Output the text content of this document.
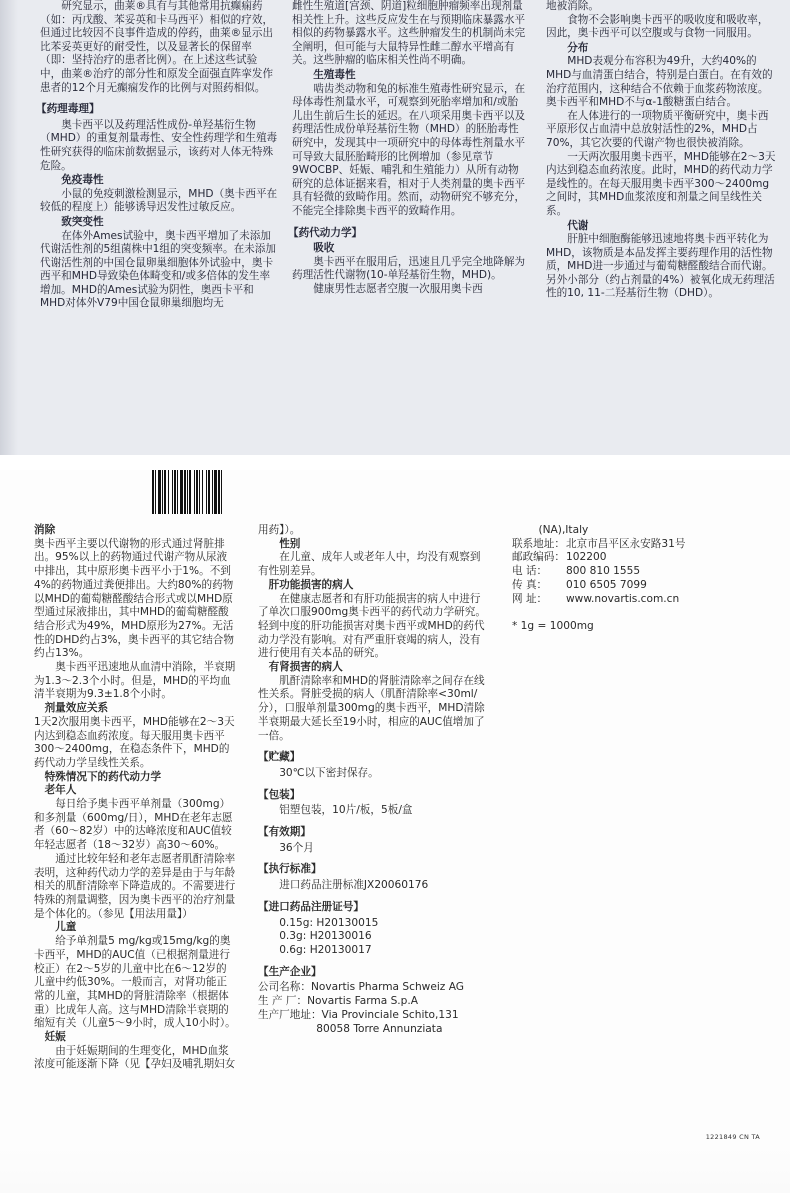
研究显示，曲莱®具有与其他常用抗癫痫药（如：丙戊酸、苯妥英和卡马西平）相似的疗效，但通过比较因不良事件造成的停药，曲莱®显示出比苯妥英更好的耐受性，以及显著长的保留率（即：坚持治疗的患者比例）。在上述这些试验中，曲莱®治疗的部分性和原发全面强直阵挛发作患者的12个月无癫痫发作的比例与对照药相似。

【药理毒理】

奥卡西平以及药理活性成份-单羟基衍生物（MHD）的重复剂量毒性、安全性药理学和生殖毒性研究获得的临床前数据显示，该药对人体无特殊危险。

免疫毒性

小鼠的免疫刺激检测显示，MHD（奥卡西平在较低的程度上）能够诱导迟发性过敏反应。

致突变性

在体外Ames试验中，奥卡西平增加了未添加代谢活性剂的5组菌株中1组的突变频率。在未添加代谢活性剂的中国仓鼠卵巢细胞体外试验中，奥卡西平和MHD导致染色体畸变和/或多倍体的发生率增加。MHD的Ames试验为阴性，奥西卡平和MHD对体外V79中国仓鼠卵巢细胞均无

雌性生殖道[宫颈、阴道]粒细胞肿瘤频率出现剂量相关性上升。这些反应发生在与预期临床暴露水平相似的药物暴露水平。这些肿瘤发生的机制尚未完全阐明，但可能与大鼠特异性雌二醇水平增高有关。这些肿瘤的临床相关性尚不明确。

生殖毒性

啮齿类动物和兔的标准生殖毒性研究显示，在母体毒性剂量水平，可观察到死胎率增加和/或胎儿出生前后生长的延迟。在八项采用奥卡西平以及药理活性成份单羟基衍生物（MHD）的胚胎毒性研究中，发现其中一项研究中的母体毒性剂量水平可导致大鼠胚胎畸形的比例增加（参见章节9WOCBP、妊娠、哺乳和生殖能力）从所有动物研究的总体证据来看，相对于人类剂量的奥卡西平具有轻微的致畸作用。然而，动物研究不够充分，不能完全排除奥卡西平的致畸作用。

【药代动力学】

吸收

奥卡西平在服用后，迅速且几乎完全地降解为药理活性代谢物(10-单羟基衍生物，MHD)。

健康男性志愿者空腹一次服用奥卡西

地被消除。

食物不会影响奥卡西平的吸收度和吸收率，因此，奥卡西平可以空腹或与食物一同服用。

分布

MHD表观分布容积为49升，大约40%的MHD与血清蛋白结合，特别是白蛋白。在有效的治疗范围内，这种结合不依赖于血浆药物浓度。奥卡西平和MHD不与α-1酸糖蛋白结合。

在人体进行的一项物质平衡研究中，奥卡西平原形仅占血清中总放射活性的2%，MHD占70%，其它次要的代谢产物也很快被消除。

一天两次服用奥卡西平，MHD能够在2～3天内达到稳态血药浓度。此时，MHD的药代动力学是线性的。在每天服用奥卡西平300～2400mg之间时，其MHD血浆浓度和剂量之间呈线性关系。

代谢

肝脏中细胞酶能够迅速地将奥卡西平转化为MHD，该物质是本品发挥主要药理作用的活性物质，MHD进一步通过与葡萄糖醛酸结合而代谢。另外小部分（约占剂量的4%）被氧化成无药理活性的10, 11-二羟基衍生物（DHD）。

消除

奥卡西平主要以代谢物的形式通过肾脏排出。95%以上的药物通过代谢产物从尿液中排出，其中原形奥卡西平小于1%。不到4%的药物通过粪便排出。大约80%的药物以MHD的葡萄糖醛酸结合形式或以MHD原型通过尿液排出，其中MHD的葡萄糖醛酸结合形式为49%，MHD原形为27%。无活性的DHD约占3%，奥卡西平的其它结合物约占13%。

奥卡西平迅速地从血清中消除，半衰期为1.3～2.3个小时。但是，MHD的平均血清半衰期为9.3±1.8个小时。

剂量效应关系

1天2次服用奥卡西平，MHD能够在2～3天内达到稳态血药浓度。每天服用奥卡西平300～2400mg，在稳态条件下，MHD的药代动力学呈线性关系。

特殊情况下的药代动力学

老年人

每日给予奥卡西平单剂量（300mg）和多剂量（600mg/日），MHD在老年志愿者（60～82岁）中的达峰浓度和AUC值较年轻志愿者（18～32岁）高30～60%。

通过比较年轻和老年志愿者肌酐清除率表明，这种药代动力学的差异是由于与年龄相关的肌酐清除率下降造成的。不需要进行特殊的剂量调整，因为奥卡西平的治疗剂量是个体化的。（参见【用法用量】）

儿童

给予单剂量5 mg/kg或15mg/kg的奥卡西平，MHD的AUC值（已根据剂量进行校正）在2～5岁的儿童中比在6～12岁的儿童中约低30%。一般而言，对肾功能正常的儿童，其MHD的肾脏清除率（根据体重）比成年人高。这与MHD清除半衰期的缩短有关（儿童5～9小时，成人10小时）。

妊娠

由于妊娠期间的生理变化，MHD血浆浓度可能逐渐下降（见【孕妇及哺乳期妇女

用药】）。

性别

在儿童、成年人或老年人中，均没有观察到有性别差异。

肝功能损害的病人

在健康志愿者和有肝功能损害的病人中进行了单次口服900mg奥卡西平的药代动力学研究。轻到中度的肝功能损害对奥卡西平或MHD的药代动力学没有影响。对有严重肝衰竭的病人，没有进行使用有关本品的研究。

有肾损害的病人

肌酐清除率和MHD的肾脏清除率之间存在线性关系。肾脏受损的病人（肌酐清除率<30ml/分），口服单剂量300mg的奥卡西平，MHD清除半衰期最大延长至19小时，相应的AUC值增加了一倍。

【贮藏】

30℃以下密封保存。

【包装】

铝塑包装，10片/板，5板/盒

【有效期】

36个月

【执行标准】

进口药品注册标准JX20060176

【进口药品注册证号】

0.15g: H20130015

0.3g: H20130016

0.6g: H20130017

【生产企业】

公司名称：Novartis Pharma Schweiz AG

生 产 厂：Novartis Farma S.p.A

生产厂地址：Via Provinciale Schito,131

80058 Torre Annunziata

(NA),Italy

联系地址： 北京市昌平区永安路31号

邮政编码： 102200

电 话：	800 810 1555

传 真：	010 6505 7099

网 址：	www.novartis.com.cn

* 1g = 1000mg

1221849 CN TA
